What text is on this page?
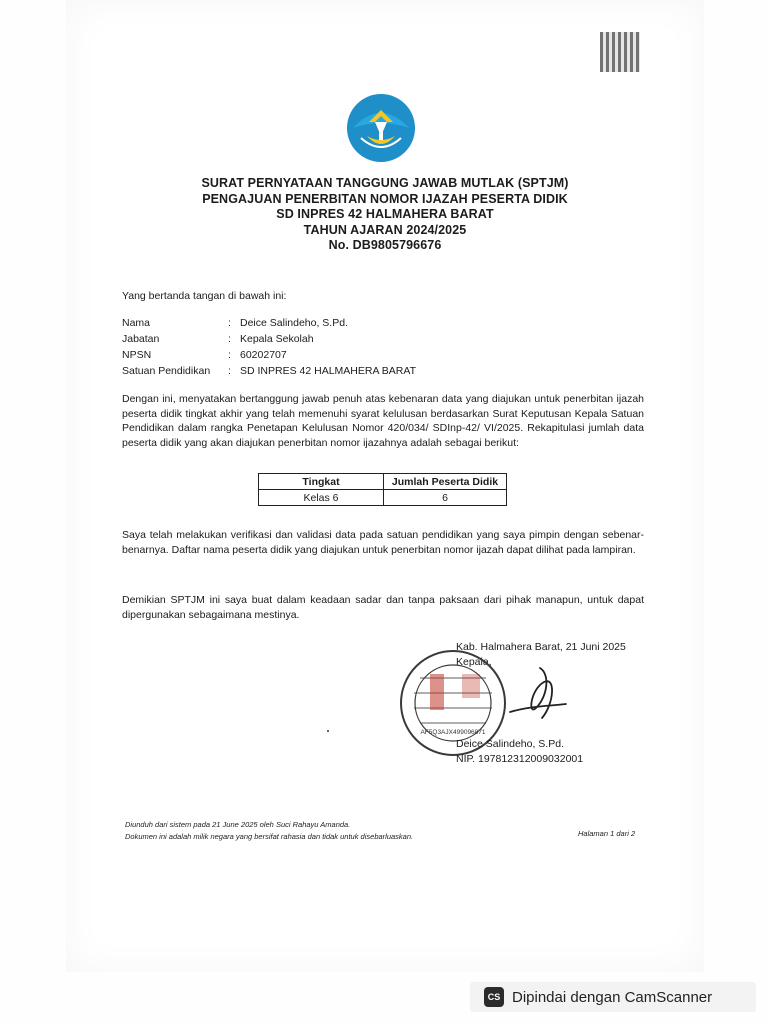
SURAT PERNYATAAN TANGGUNG JAWAB MUTLAK (SPTJM)
PENGAJUAN PENERBITAN NOMOR IJAZAH PESERTA DIDIK
SD INPRES 42 HALMAHERA BARAT
TAHUN AJARAN 2024/2025
No. DB9805796676
Yang bertanda tangan di bawah ini:
Nama	: Deice Salindeho, S.Pd.
Jabatan	: Kepala Sekolah
NPSN	: 60202707
Satuan Pendidikan	: SD INPRES 42 HALMAHERA BARAT
Dengan ini, menyatakan bertanggung jawab penuh atas kebenaran data yang diajukan untuk penerbitan ijazah peserta didik tingkat akhir yang telah memenuhi syarat kelulusan berdasarkan Surat Keputusan Kepala Satuan Pendidikan dalam rangka Penetapan Kelulusan Nomor 420/034/ SDInp-42/ VI/2025. Rekapitulasi jumlah data peserta didik yang akan diajukan penerbitan nomor ijazahnya adalah sebagai berikut:
Tingkat	Jumlah Peserta Didik
Kelas 6	6
Saya telah melakukan verifikasi dan validasi data pada satuan pendidikan yang saya pimpin dengan sebenar-benarnya. Daftar nama peserta didik yang diajukan untuk penerbitan nomor ijazah dapat dilihat pada lampiran.
Demikian SPTJM ini saya buat dalam keadaan sadar dan tanpa paksaan dari pihak manapun, untuk dapat dipergunakan sebagaimana mestinya.
Kab. Halmahera Barat, 21 Juni 2025
Kepala,
AF5Q3AJX499096871
Deice Salindeho, S.Pd.
NIP. 197812312009032001
Diunduh dari sistem pada 21 June 2025 oleh Suci Rahayu Amanda.
Dokumen ini adalah milik negara yang bersifat rahasia dan tidak untuk disebarluaskan.	Halaman 1 dari 2
CS Dipindai dengan CamScanner
